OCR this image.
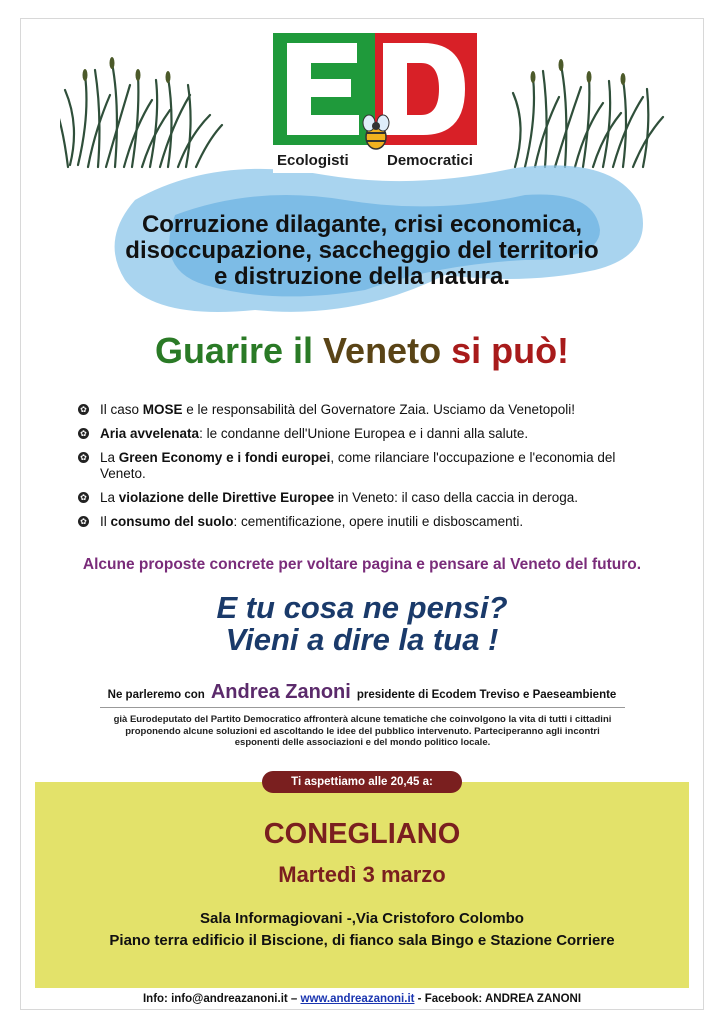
Ecologisti	Democratici
Corruzione dilagante, crisi economica,
disoccupazione, saccheggio del territorio
e distruzione della natura.
Guarire il Veneto si può!
✿ Il caso MOSE e le responsabilità del Governatore Zaia. Usciamo da Venetopoli!
✿ Aria avvelenata: le condanne dell'Unione Europea e i danni alla salute.
✿ La Green Economy e i fondi europei, come rilanciare l'occupazione e l'economia del Veneto.
✿ La violazione delle Direttive Europee in Veneto: il caso della caccia in deroga.
✿ Il consumo del suolo: cementificazione, opere inutili e disboscamenti.
Alcune proposte concrete per voltare pagina e pensare al Veneto del futuro.
E tu cosa ne pensi?
Vieni a dire la tua !
Ne parleremo con Andrea Zanoni presidente di Ecodem Treviso e Paeseambiente
già Eurodeputato del Partito Democratico affronterà alcune tematiche che coinvolgono la vita di tutti i cittadini proponendo alcune soluzioni ed ascoltando le idee del pubblico intervenuto. Parteciperanno agli incontri esponenti delle associazioni e del mondo politico locale.
Ti aspettiamo alle 20,45 a:
CONEGLIANO
Martedì 3 marzo
Sala Informagiovani -,Via Cristoforo Colombo
Piano terra edificio il Biscione, di fianco sala Bingo e Stazione Corriere
Info: info@andreazanoni.it – www.andreazanoni.it - Facebook: ANDREA ZANONI
